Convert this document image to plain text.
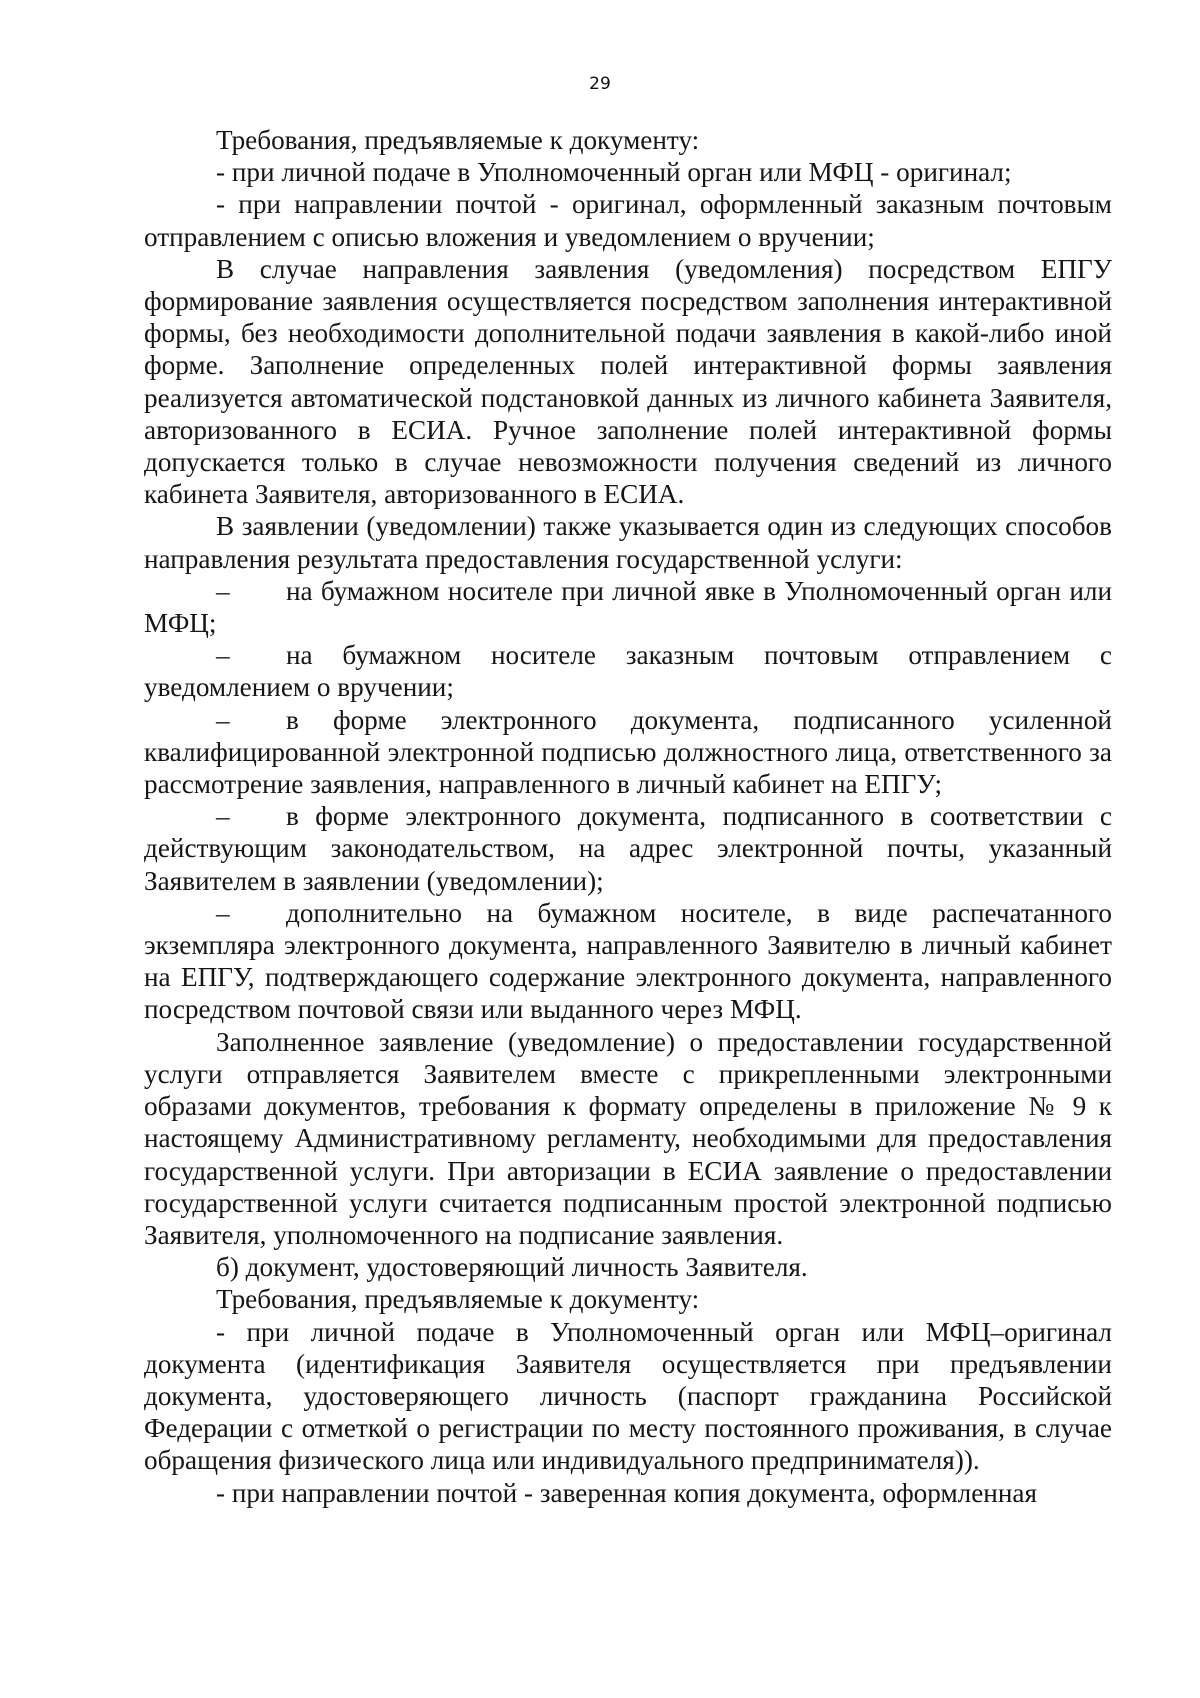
29

Требования, предъявляемые к документу:

- при личной подаче в Уполномоченный орган или МФЦ - оригинал;

- при направлении почтой - оригинал, оформленный заказным почтовым отправлением с описью вложения и уведомлением о вручении;

В случае направления заявления (уведомления) посредством ЕПГУ формирование заявления осуществляется посредством заполнения интерактивной формы, без необходимости дополнительной подачи заявления в какой-либо иной форме. Заполнение определенных полей интерактивной формы заявления реализуется автоматической подстановкой данных из личного кабинета Заявителя, авторизованного в ЕСИА. Ручное заполнение полей интерактивной формы допускается только в случае невозможности получения сведений из личного кабинета Заявителя, авторизованного в ЕСИА.

В заявлении (уведомлении) также указывается один из следующих способов направления результата предоставления государственной услуги:

– на бумажном носителе при личной явке в Уполномоченный орган или МФЦ;

– на бумажном носителе заказным почтовым отправлением с уведомлением о вручении;

– в форме электронного документа, подписанного усиленной квалифицированной электронной подписью должностного лица, ответственного за рассмотрение заявления, направленного в личный кабинет на ЕПГУ;

– в форме электронного документа, подписанного в соответствии с действующим законодательством, на адрес электронной почты, указанный Заявителем в заявлении (уведомлении);

– дополнительно на бумажном носителе, в виде распечатанного экземпляра электронного документа, направленного Заявителю в личный кабинет на ЕПГУ, подтверждающего содержание электронного документа, направленного посредством почтовой связи или выданного через МФЦ.

Заполненное заявление (уведомление) о предоставлении государственной услуги отправляется Заявителем вместе с прикрепленными электронными образами документов, требования к формату определены в приложение № 9 к настоящему Административному регламенту, необходимыми для предоставления государственной услуги. При авторизации в ЕСИА заявление о предоставлении государственной услуги считается подписанным простой электронной подписью Заявителя, уполномоченного на подписание заявления.

б) документ, удостоверяющий личность Заявителя.

Требования, предъявляемые к документу:

- при личной подаче в Уполномоченный орган или МФЦ–оригинал документа (идентификация Заявителя осуществляется при предъявлении документа, удостоверяющего личность (паспорт гражданина Российской Федерации с отметкой о регистрации по месту постоянного проживания, в случае обращения физического лица или индивидуального предпринимателя)).

- при направлении почтой - заверенная копия документа, оформленная
